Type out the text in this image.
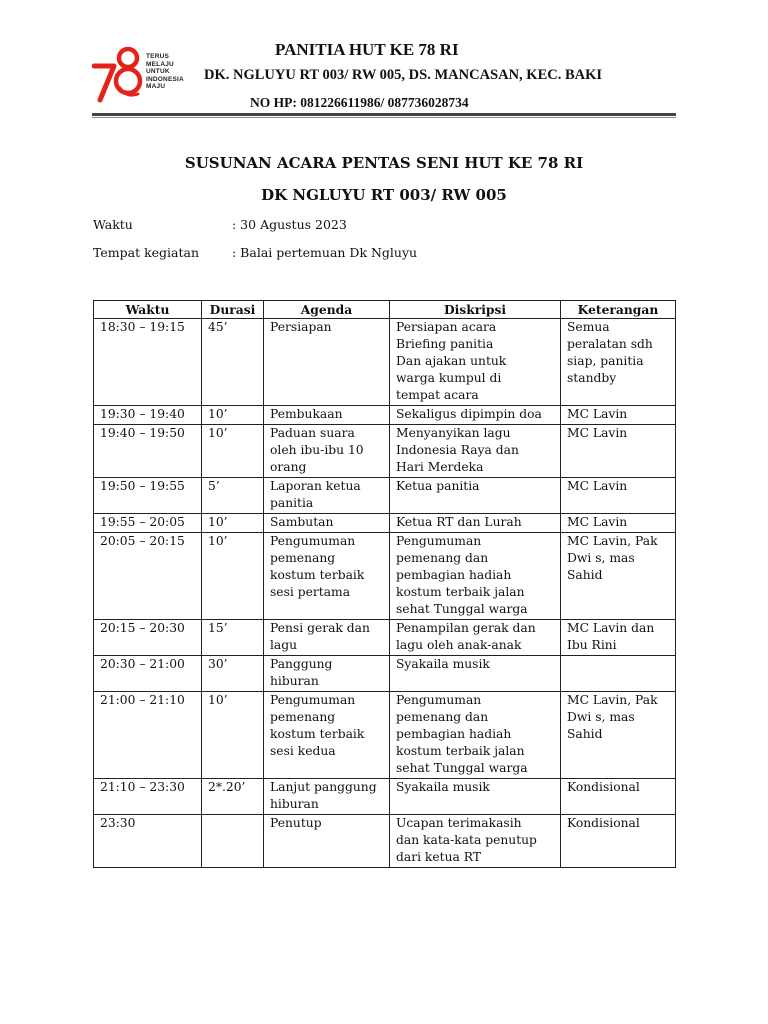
TERUS
MELAJU
UNTUK
INDONESIA
MAJU
PANITIA HUT KE 78 RI
DK. NGLUYU RT 003/ RW 005, DS. MANCASAN, KEC. BAKI
NO HP: 081226611986/ 087736028734
SUSUNAN ACARA PENTAS SENI HUT KE 78 RI
DK NGLUYU RT 003/ RW 005
Waktu	: 30 Agustus 2023
Tempat kegiatan	: Balai pertemuan Dk Ngluyu
Waktu	Durasi	Agenda	Diskripsi	Keterangan
18:30 – 19:15	45’	Persiapan	Persiapan acara
Briefing panitia
Dan ajakan untuk
warga kumpul di
tempat acara	Semua
peralatan sdh
siap, panitia
standby

19:30 – 19:40	10’	Pembukaan	Sekaligus dipimpin doa	MC Lavin

19:40 – 19:50	10’	Paduan suara
oleh ibu-ibu 10
orang	Menyanyikan lagu
Indonesia Raya dan
Hari Merdeka	MC Lavin

19:50 – 19:55	5’	Laporan ketua
panitia	Ketua panitia	MC Lavin

19:55 – 20:05	10’	Sambutan	Ketua RT dan Lurah	MC Lavin

20:05 – 20:15	10’	Pengumuman
pemenang
kostum terbaik
sesi pertama	Pengumuman
pemenang dan
pembagian hadiah
kostum terbaik jalan
sehat Tunggal warga	MC Lavin, Pak
Dwi s, mas
Sahid

20:15 – 20:30	15’	Pensi gerak dan
lagu	Penampilan gerak dan
lagu oleh anak-anak	MC Lavin dan
Ibu Rini

20:30 – 21:00	30’	Panggung
hiburan	Syakaila musik	

21:00 – 21:10	10’	Pengumuman
pemenang
kostum terbaik
sesi kedua	Pengumuman
pemenang dan
pembagian hadiah
kostum terbaik jalan
sehat Tunggal warga	MC Lavin, Pak
Dwi s, mas
Sahid

21:10 – 23:30	2*.20’	Lanjut panggung
hiburan	Syakaila musik	Kondisional

23:30		Penutup	Ucapan terimakasih
dan kata-kata penutup
dari ketua RT	Kondisional
